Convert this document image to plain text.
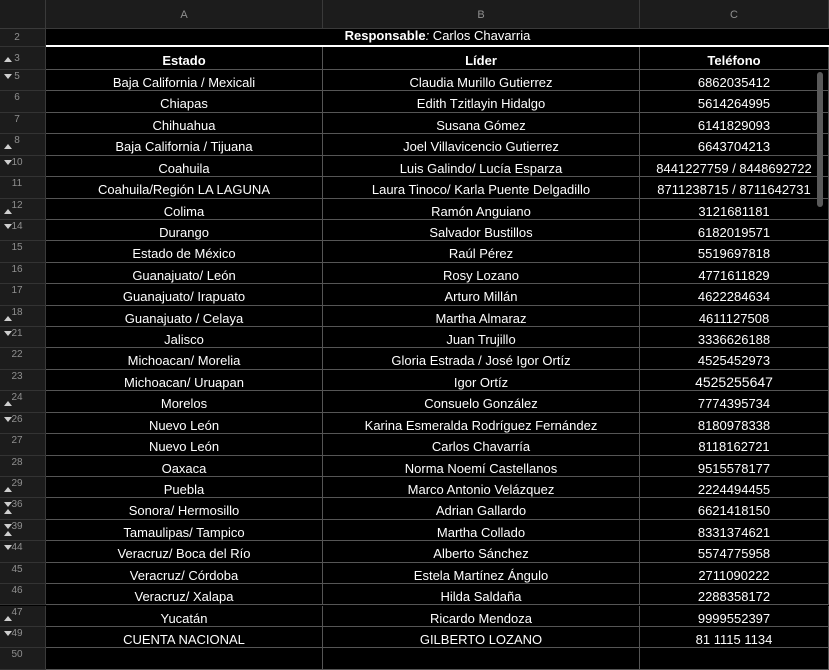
A	B	C
2	Responsable: Carlos Chavarria
3	Estado	Líder	Teléfono
5	Baja California / Mexicali	Claudia Murillo Gutierrez	6862035412
6	Chiapas	Edith Tzitlayin Hidalgo	5614264995
7	Chihuahua	Susana Gómez	6141829093
8	Baja California / Tijuana	Joel Villavicencio Gutierrez	6643704213
10	Coahuila	Luis Galindo/ Lucía Esparza	8441227759 / 8448692722
11	Coahuila/Región LA LAGUNA	Laura Tinoco/ Karla Puente Delgadillo	8711238715 / 8711642731
12	Colima	Ramón Anguiano	3121681181
14	Durango	Salvador Bustillos	6182019571
15	Estado de México	Raúl Pérez	5519697818
16	Guanajuato/ León	Rosy Lozano	4771611829
17	Guanajuato/ Irapuato	Arturo Millán	4622284634
18	Guanajuato / Celaya	Martha Almaraz	4611127508
21	Jalisco	Juan Trujillo	3336626188
22	Michoacan/ Morelia	Gloria Estrada / José Igor Ortíz	4525452973
23	Michoacan/ Uruapan	Igor Ortíz	4525255647
24	Morelos	Consuelo González	7774395734
26	Nuevo León	Karina Esmeralda Rodríguez Fernández	8180978338
27	Nuevo León	Carlos Chavarría	8118162721
28	Oaxaca	Norma Noemí Castellanos	9515578177
29	Puebla	Marco Antonio Velázquez	2224494455
36	Sonora/ Hermosillo	Adrian Gallardo	6621418150
39	Tamaulipas/ Tampico	Martha Collado	8331374621
44	Veracruz/ Boca del Río	Alberto Sánchez	5574775958
45	Veracruz/ Córdoba	Estela Martínez Ángulo	2711090222
46	Veracruz/ Xalapa	Hilda Saldaña	2288358172
47	Yucatán	Ricardo Mendoza	9999552397
49	CUENTA NACIONAL	GILBERTO LOZANO	81 1115 1134
50
